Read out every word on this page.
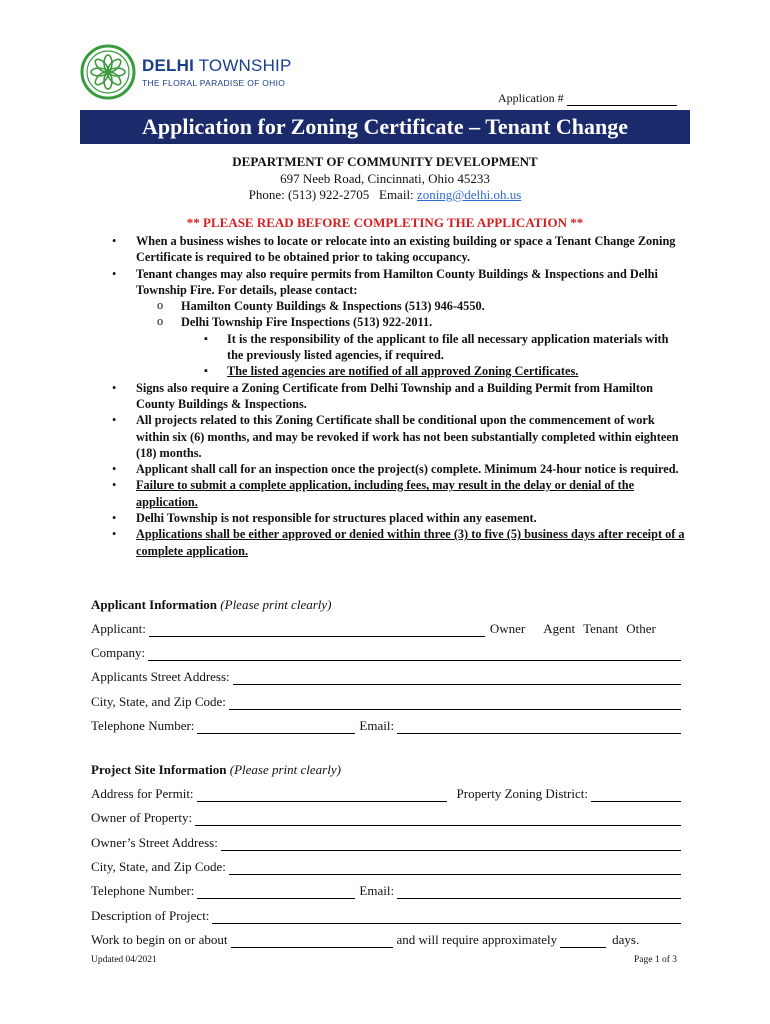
DELHI TOWNSHIP
THE FLORAL PARADISE OF OHIO
Application #
Application for Zoning Certificate – Tenant Change
DEPARTMENT OF COMMUNITY DEVELOPMENT
697 Neeb Road, Cincinnati, Ohio 45233
Phone: (513) 922-2705   Email: zoning@delhi.oh.us
** PLEASE READ BEFORE COMPLETING THE APPLICATION **
• When a business wishes to locate or relocate into an existing building or space a Tenant Change Zoning Certificate is required to be obtained prior to taking occupancy.
• Tenant changes may also require permits from Hamilton County Buildings & Inspections and Delhi Township Fire. For details, please contact:
o Hamilton County Buildings & Inspections (513) 946-4550.
o Delhi Township Fire Inspections (513) 922-2011.
▪ It is the responsibility of the applicant to file all necessary application materials with the previously listed agencies, if required.
▪ The listed agencies are notified of all approved Zoning Certificates.
• Signs also require a Zoning Certificate from Delhi Township and a Building Permit from Hamilton County Buildings & Inspections.
• All projects related to this Zoning Certificate shall be conditional upon the commencement of work within six (6) months, and may be revoked if work has not been substantially completed within eighteen (18) months.
• Applicant shall call for an inspection once the project(s) complete. Minimum 24-hour notice is required.
• Failure to submit a complete application, including fees, may result in the delay or denial of the application.
• Delhi Township is not responsible for structures placed within any easement.
• Applications shall be either approved or denied within three (3) to five (5) business days after receipt of a complete application.
Applicant Information (Please print clearly)
Applicant:	Owner Agent Tenant Other
Company:
Applicants Street Address:
City, State, and Zip Code:
Telephone Number:	Email:
Project Site Information (Please print clearly)
Address for Permit:	Property Zoning District:
Owner of Property:
Owner’s Street Address:
City, State, and Zip Code:
Telephone Number:	Email:
Description of Project:
Work to begin on or about	and will require approximately	days.
Updated 04/2021	Page 1 of 3
